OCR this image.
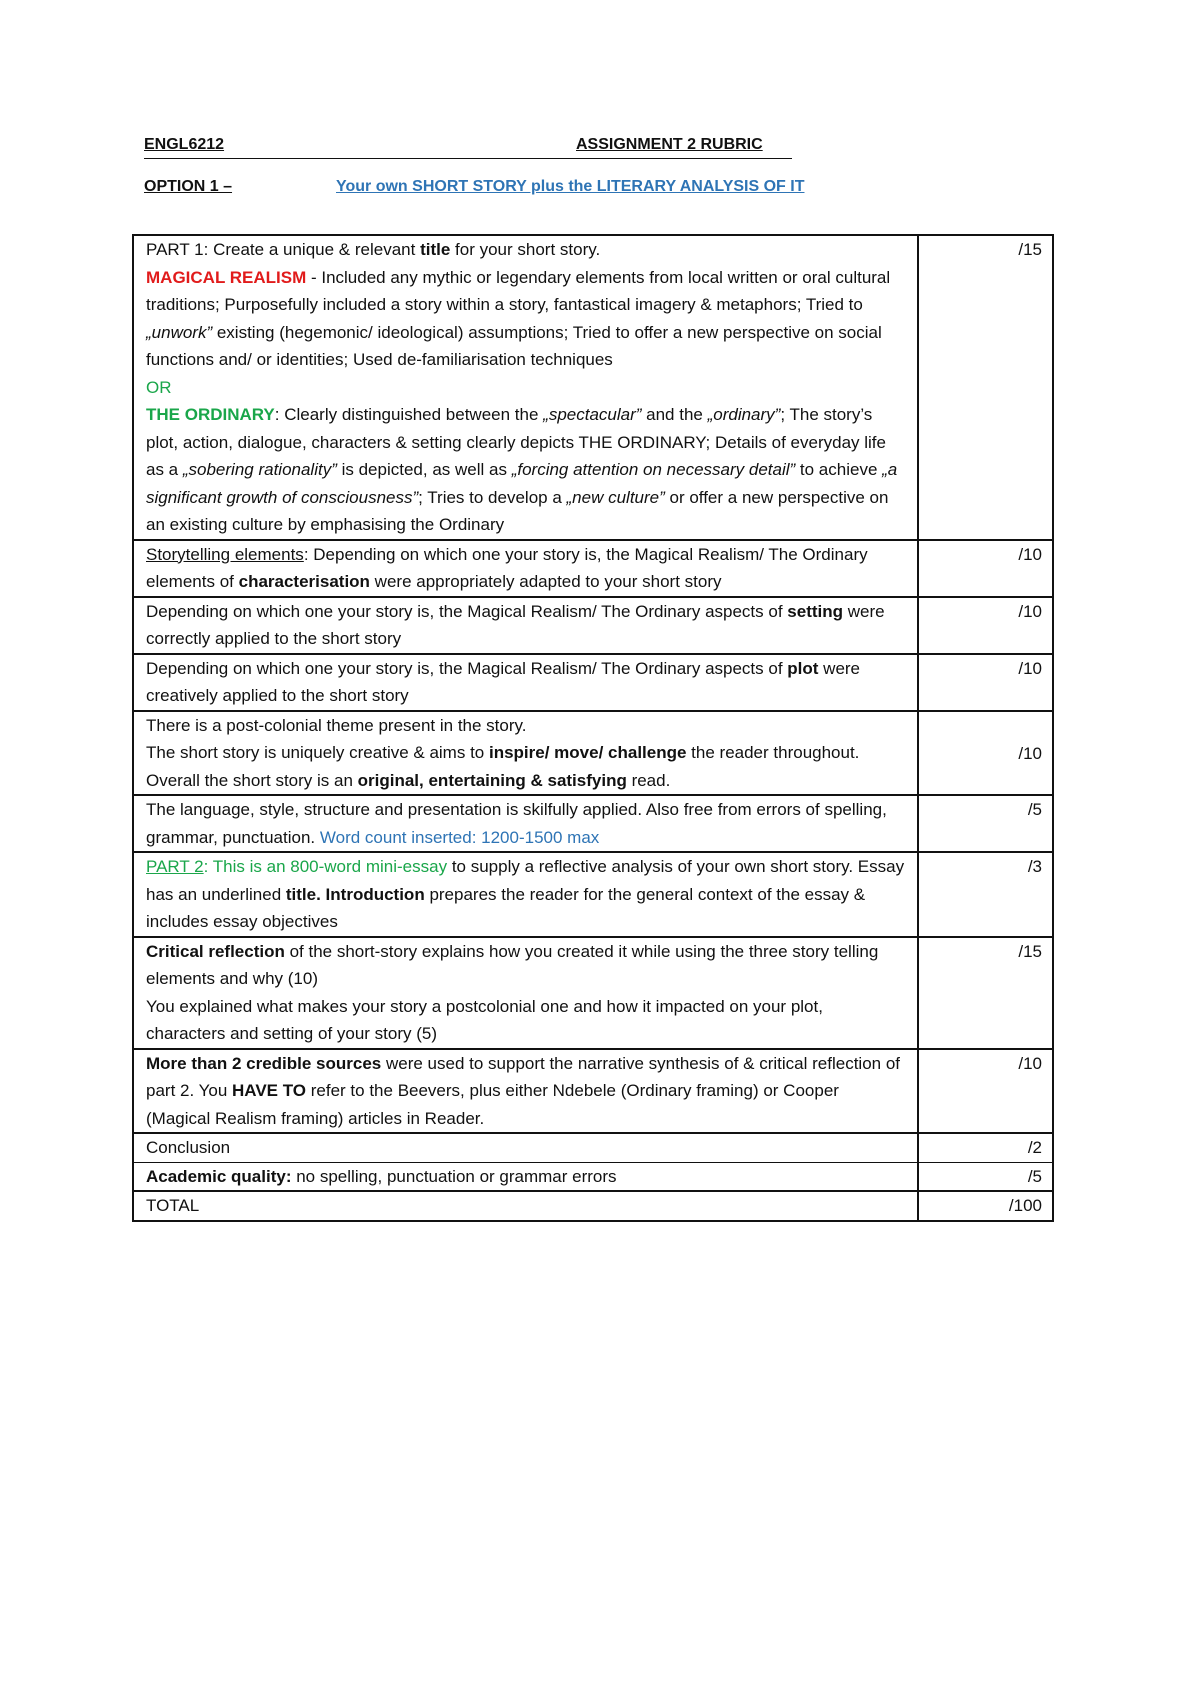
ENGL6212	ASSIGNMENT 2 RUBRIC
OPTION 1 –	Your own SHORT STORY plus the LITERARY ANALYSIS OF IT
PART 1: Create a unique & relevant title for your short story.
MAGICAL REALISM - Included any mythic or legendary elements from local written or oral cultural traditions; Purposefully included a story within a story, fantastical imagery & metaphors; Tried to „unwork” existing (hegemonic/ ideological) assumptions; Tried to offer a new perspective on social functions and/ or identities; Used de-familiarisation techniques
OR
THE ORDINARY: Clearly distinguished between the „spectacular” and the „ordinary”; The story’s plot, action, dialogue, characters & setting clearly depicts THE ORDINARY; Details of everyday life as a „sobering rationality” is depicted, as well as „forcing attention on necessary detail” to achieve „a significant growth of consciousness”; Tries to develop a „new culture” or offer a new perspective on an existing culture by emphasising the Ordinary	/15
Storytelling elements: Depending on which one your story is, the Magical Realism/ The Ordinary elements of characterisation were appropriately adapted to your short story	/10
Depending on which one your story is, the Magical Realism/ The Ordinary aspects of setting were correctly applied to the short story	/10
Depending on which one your story is, the Magical Realism/ The Ordinary aspects of plot were creatively applied to the short story	/10

There is a post-colonial theme present in the story.
The short story is uniquely creative & aims to inspire/ move/ challenge the reader throughout.
Overall the short story is an original, entertaining & satisfying read.	/10
The language, style, structure and presentation is skilfully applied. Also free from errors of spelling, grammar, punctuation. Word count inserted: 1200-1500 max	/5
PART 2: This is an 800-word mini-essay to supply a reflective analysis of your own short story. Essay has an underlined title. Introduction prepares the reader for the general context of the essay & includes essay objectives	/3

Critical reflection of the short-story explains how you created it while using the three story telling elements and why (10)
You explained what makes your story a postcolonial one and how it impacted on your plot, characters and setting of your story (5)	/15
More than 2 credible sources were used to support the narrative synthesis of & critical reflection of part 2. You HAVE TO refer to the Beevers, plus either Ndebele (Ordinary framing) or Cooper (Magical Realism framing) articles in Reader.	/10
Conclusion	/2
Academic quality: no spelling, punctuation or grammar errors	/5
TOTAL	/100
